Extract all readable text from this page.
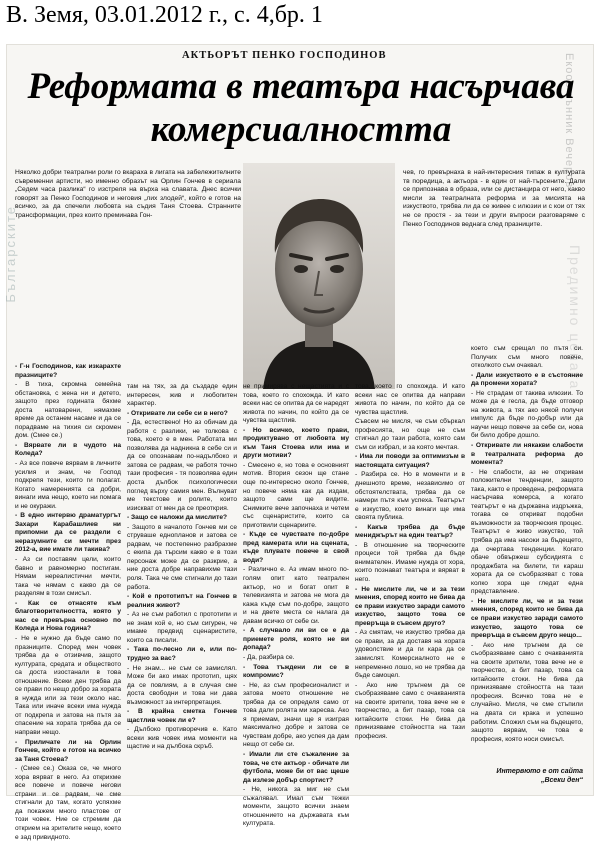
В. Земя, 03.01.2012 г., с. 4,бр. 1
Българските
Екооо сънник Вечеров
Предимно цената
АКТЬОРЪТ ПЕНКО ГОСПОДИНОВ
Реформата в театъра насърчава комерсиалността

Няколко добри театрални роли го вкараха в лигата на забележителните съвременни артисти, но именно образът на Орлин Гончев в сериала „Седем часа разлика“ го изстреля на върха на славата. Днес всички говорят за Пенко Господинов и неговия „лих злодей“, който е готов на всичко, за да спечели любовта на съдия Таня Стоева. Странните трансформации, през които преминава Гон-

чев, го превърнаха в най-интересния типаж в културата тв поредица, а актьора - в един от най-търсените. Дали се припознава в образа, или се дистанцира от него, какво мисли за театралната реформа и за мисията на изкуството, трябва ли да се живее с илюзии и с кои от тях не се простя - за тези и други въпроси разговаряме с Пенко Господинов веднага след празниците.

- Г-н Господинов, как изкарахте празниците?

- В тиха, скромна семейна обстановка, с жена ни и детето, защото през годината бяхме доста натоварени, нямахме време да останем насаме и да се порадваме на тихия си скромен дом. (Смее се.)

- Вярвате ли в чудото на Коледа?

- Аз все повече вярвам в личните усилия и знам, че Господ подкрепя тези, които ги полагат. Когато намеренията са добри, винаги има нещо, което ни помага и не окуражи.

- В едно интервю драматургът Захари Карабашлиев ни припомни да се раздели с неразумните си мечти през 2012-а, вие имате ли такива?

- Аз си поставям цели, които бавно и равномерно постигам. Нямам нереалистични мечти, така че нямам с какво да се разделям в този смисъл.

- Как се отнасяте към благотворителността, която у нас се превърна основно по Коледа и Нова година?

- Не е нужно да бъде само по празниците. Според мен човек трябва да е отзивчив, защото културата, средата и обществото са доста изостанали в това отношение. Всеки ден трябва да се прави по нещо добро за хората в нужда или за тези около нас. Така или иначе всеки има нужда от подкрепа и затова на пътя за спасение на хората трябва да се направи нещо.

- Приличате ли на Орлин Гончев, който е готов на всичко за Таня Стоева?

- (Смее се.) Оказа се, че много хора вярват в него. Аз открихме все повече и повече негови страни и се радвам, че сме стигнали до там, когато успяхме да покажем много пластове от този човек. Ние се стремим да открием на зрителите нещо, което е зад привидното.

там на тях, за да създаде един интересен, жив и любопитен характер.

- Откривате ли себе си в него?

- Да, естествено! Но аз обичам да работя с разлики, не толкова с това, което е в мен. Работата ми позволява да надникна в себе си и да се опознавам по-надълбоко и затова се радвам, че работя точно тази професия - тя позволява един доста дълбок психологически поглед върху самия мен. Вълнуват ме текстове и ролите, които изискват от мен да се преоткрия.

- Защо се наложи да мислите?

- Защото в началото Гончев ми се струваше еднопланов и затова се радвам, че постепенно разбрахме с екипа да търсим какво е в този персонаж може да се разкрие, а ние доста добре направихме тази роля. Така че сме стигнали до тази работа.

- Кой е прототипът на Гончев в реалния живот?

- Аз не съм работил с прототипи и не знам кой е, но съм сигурен, че имаме предвид сценаристите, които са писали.

- Така по-лесно ли е, или по-трудно за вас?

- Не знам... не съм се замислял. Може би ако имах прототип, щях да се повлиям, а в случая сме доста свободни и това ни дава възможност за интерпретация.

- В крайна сметка Гончев щастлив човек ли е?

- Дълбоко противоречив е. Като всеки жив човек има моменти на щастие и на дълбока скръб.

не примирява с нещастията и с това, което го спохожда. И като всеки нас се опитва да се наредят живота по начин, по който да се чувства щастлив.

- Но всичко, което прави, продиктувано от любовта му към Таня Стоева или има и други мотиви?

- Смесено е, но това е основният мотив. Втория сезон ще стане още по-интересно около Гончев, но повече няма как да издам, защото сами ще видите. Снимките вече започнаха и четем със сценаристите, които са приготвили сценариите.

- Къде се чувствате по-добре пред камерата или на сцената, къде плувате повече в свой води?

- Различно е. Аз имам много по-голям опит като театрален актьор, но и богат опит в телевизията и затова не мога да кажа къде съм по-добре, защото и на двете места се налага да давам всичко от себе си.

- А случвало ли ви се е да приемете роля, която не ви допада?

- Да, разбира се.

- Това тъждени ли се в компромис?

- Не, аз съм професионалист и затова моето отношение не трябва да се определя само от това дали ролята ми харесва. Ако я приемам, значи ще я изиграя максимално добре и затова се чувствам добре, ако успея да дам нещо от себе си.

- Имали ли сте съжаление за това, че сте актьор - обичате ли футбола, може би от вас щеше да излезе добър спортист?

- Не, никога за миг не съм съжалявал. Имал съм тежки моменти, защото всички знаем отношението на държавата към културата.

това, което го спохожда. И като всеки нас се опитва да направи живота по начин, по който да се чувства щастлив.

Съвсем не мисля, че съм сбъркал професията, но още не съм стигнал до тази работа, която сам съм си избрал, и за която мечтая.

- Има ли поводи за оптимизъм в настоящата ситуация?

- Разбира се. Но в моменти и в днешното време, независимо от обстоятелствата, трябва да се намери пътя към успеха. Театърът е изкуство, което винаги ще има своята публика.

- Какъв трябва да бъде мениджърът на един театър?

- В отношение на творческите процеси той трябва да бъде внимателен. Имаме нужда от хора, които познават театъра и вярват в него.

- Не мислите ли, че и за тези мнения, според които не бива да се прави изкуство заради самото изкуство, защото това се превръща в съвсем друго?

- Аз смятам, че изкуство трябва да се прави, за да доставя на хората удоволствие и да ги кара да се замислят. Комерсиалното не е непременно лошо, но не трябва да бъде самоцел.

- Ако ние тръгнем да се съобразяваме само с очакванията на своите зрители, това вече не е творчество, а бит пазар, това са китайските стоки. Не бива да принизяваме стойността на тази професия.

което съм срещал по пътя си. Получих съм много повече, отколкото съм очаквал.

- Дали изкуството е в състояние да промени хората?

- Не страдам от такива илюзии. То може да е гесла, да бъде отговор на живота, а тях ако някой получи импулс да бъде по-добър или да научи нещо повече за себе си, нова би било добре дошло.

- Откривате ли някакви слабости в театралната реформа до момента?

- Не слабости, аз не откривам положителни тенденции, защото така, както е проведена, реформата насърчава комерса, а когато театърът е на държавна издръжка, тогава се откриват подобни възможности за творческия процес. Театърът е живо изкуство, той трябва да има насоки за бъдещето, да очертава тенденции. Когато обаче обвържеш субсидията с продажбата на билети, ти караш хората да се съобразяват с това колко хора ще гледат една представление.

- Не мислите ли, че и за тези мнения, според които не бива да се прави изкуство заради самото изкуство, защото това се превръща в съвсем друго нещо...

- Ако ние тръгнем да се съобразяваме само с очакванията на своите зрители, това вече не е творчество, а бит пазар, това са китайските стоки. Не бива да принизяваме стойността на тази професия. Всичко това не е случайно. Мисля, че сме стъпили на двата си крака и успешно работим. Сложил съм на бъдещето, защото вярвам, че това е професия, която носи смисъл.

Интервюто е от сайта „Всеки ден“
